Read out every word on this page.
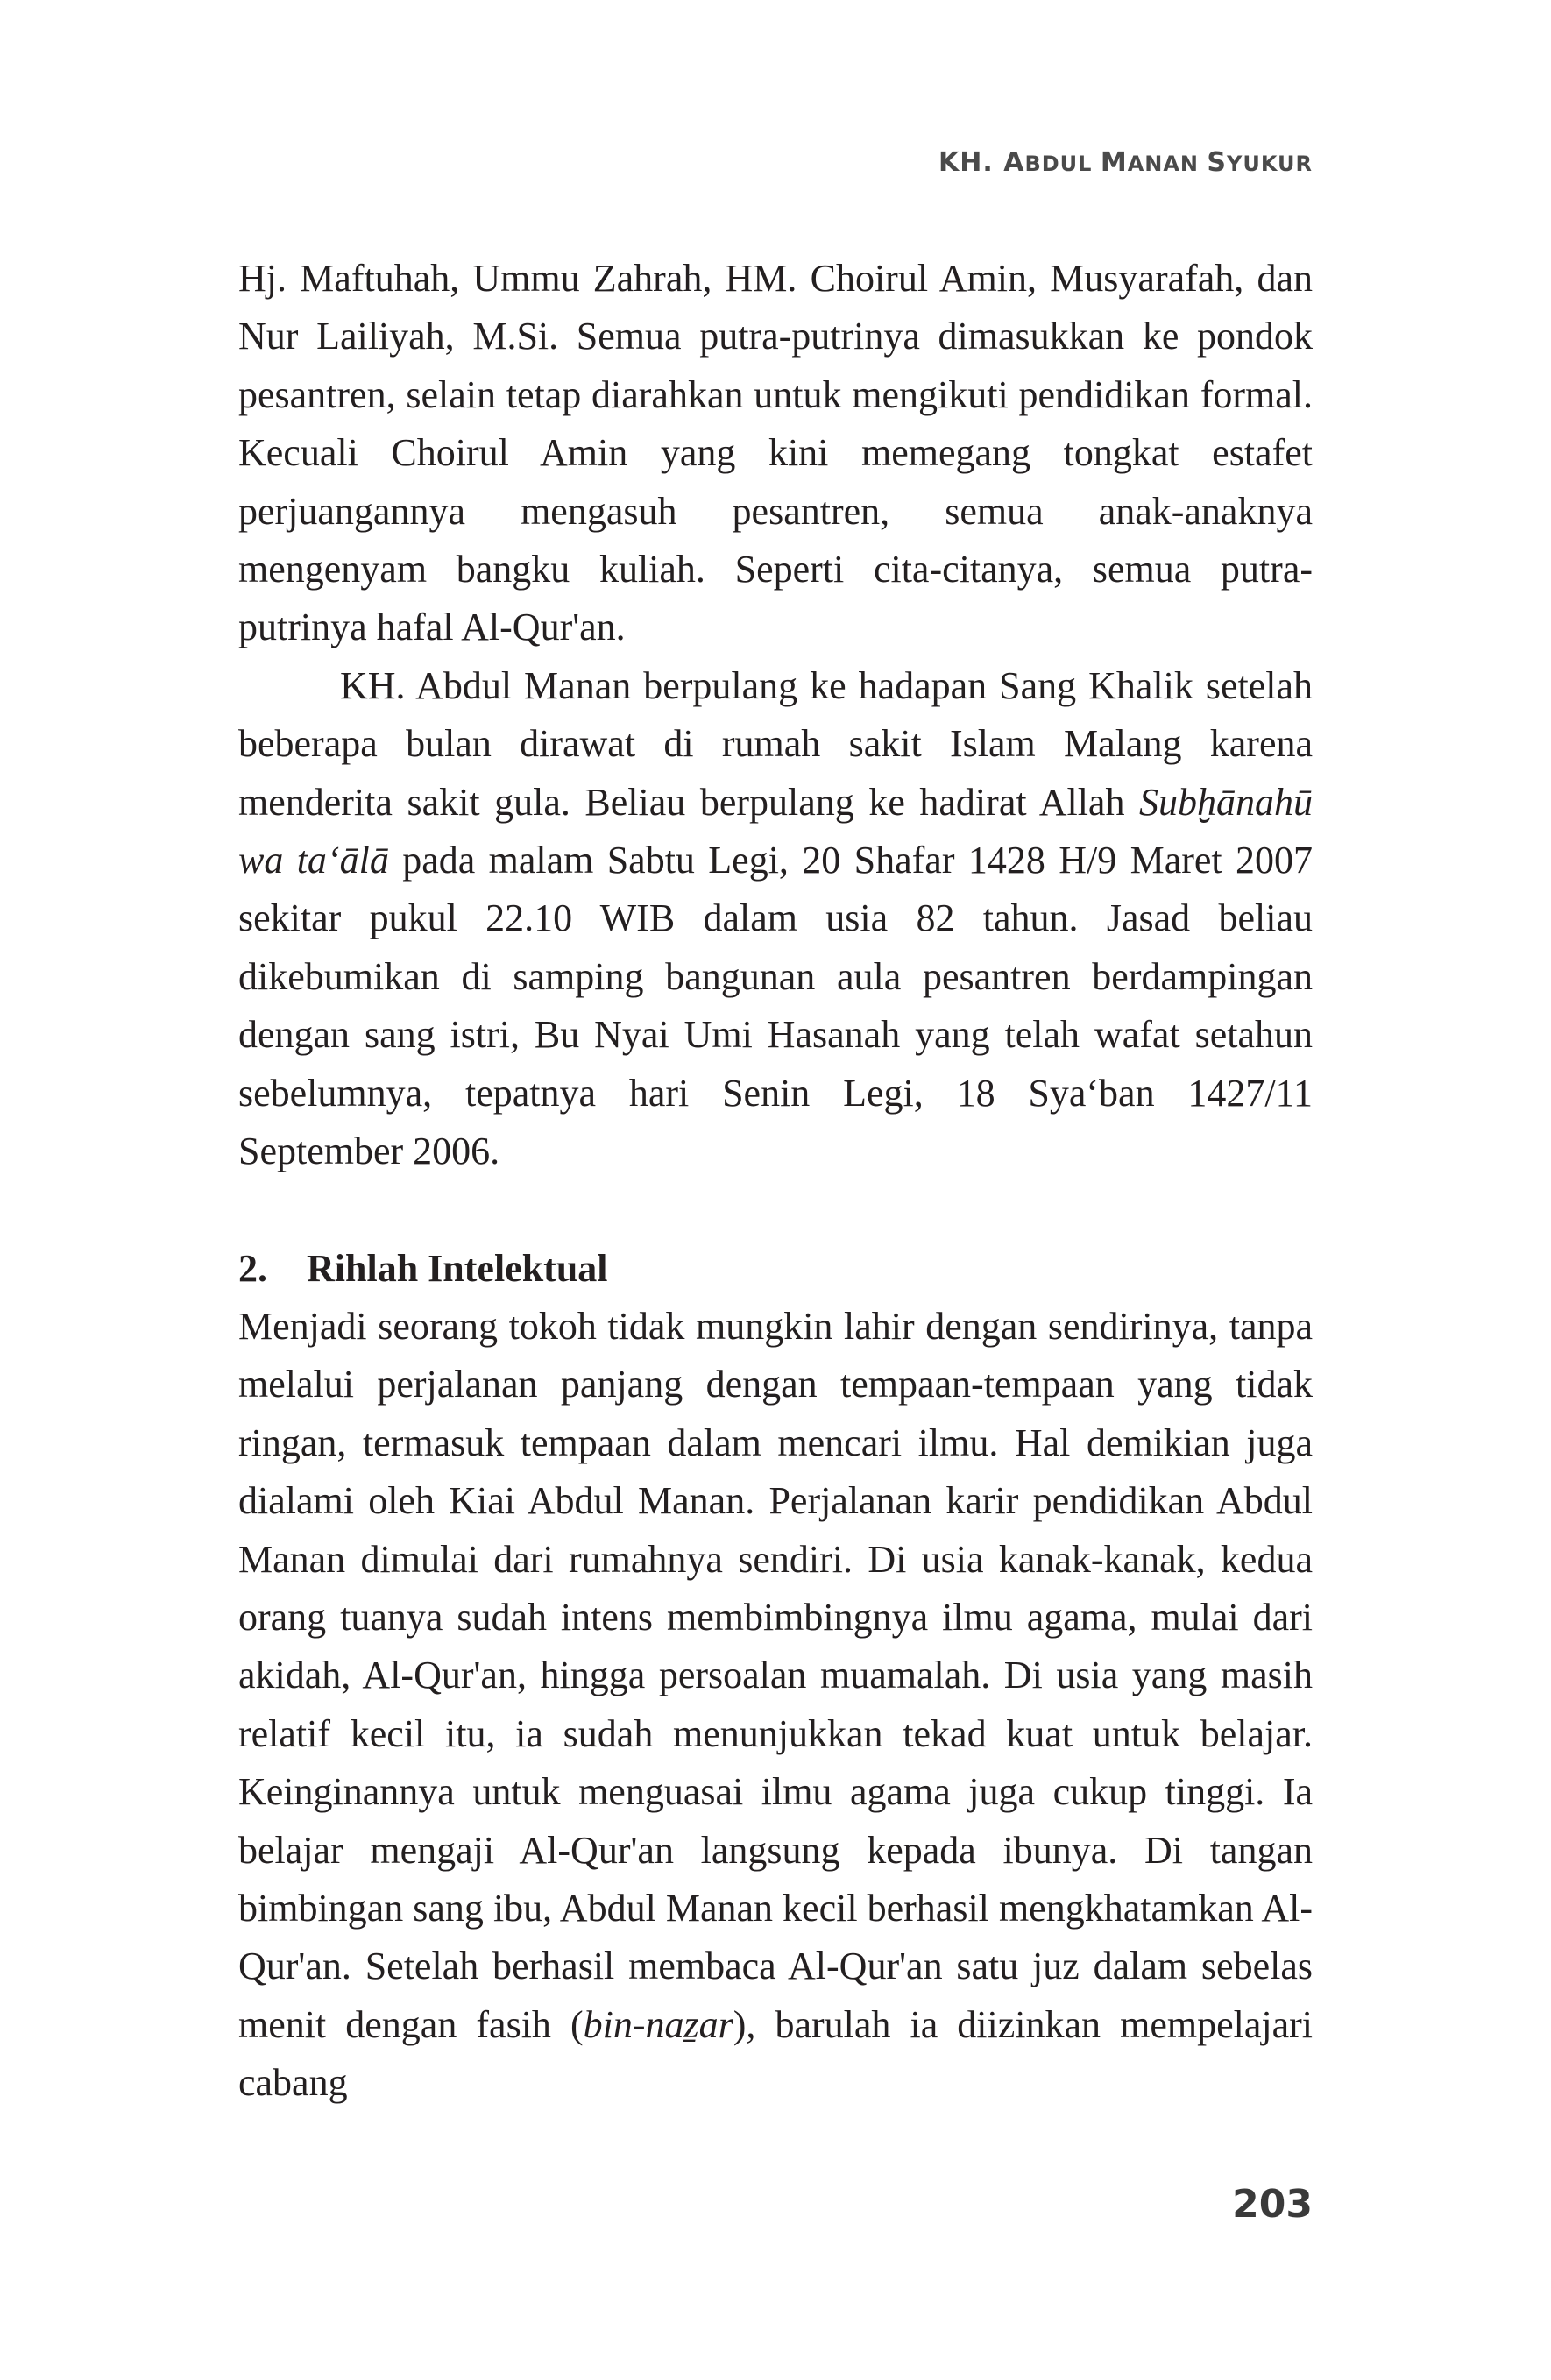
KH. ABDUL MANAN SYUKUR

Hj. Maftuhah, Ummu Zahrah, HM. Choirul Amin, Musyarafah, dan Nur Lailiyah, M.Si. Semua putra-putrinya dimasukkan ke pondok pesantren, selain tetap diarahkan untuk mengikuti pendidikan formal. Kecuali Choirul Amin yang kini memegang tongkat estafet perjuangannya mengasuh pesantren, semua anak-anaknya mengenyam bangku kuliah. Seperti cita-citanya, semua putra-putrinya hafal Al-Qur'an.

KH. Abdul Manan berpulang ke hadapan Sang Khalik setelah beberapa bulan dirawat di rumah sakit Islam Malang karena menderita sakit gula. Beliau berpulang ke hadirat Allah Subḫānahū wa ta‘ālā pada malam Sabtu Legi, 20 Shafar 1428 H/9 Maret 2007 sekitar pukul 22.10 WIB dalam usia 82 tahun. Jasad beliau dikebumikan di samping bangunan aula pesantren berdampingan dengan sang istri, Bu Nyai Umi Hasanah yang telah wafat setahun sebelumnya, tepatnya hari Senin Legi, 18 Sya‘ban 1427/11 September 2006.

2.	Rihlah Intelektual

Menjadi seorang tokoh tidak mungkin lahir dengan sendirinya, tanpa melalui perjalanan panjang dengan tempaan-tempaan yang tidak ringan, termasuk tempaan dalam mencari ilmu. Hal demikian juga dialami oleh Kiai Abdul Manan. Perjalanan karir pendidikan Abdul Manan dimulai dari rumahnya sendiri. Di usia kanak-kanak, kedua orang tuanya sudah intens membimbingnya ilmu agama, mulai dari akidah, Al-Qur'an, hingga persoalan muamalah. Di usia yang masih relatif kecil itu, ia sudah menunjukkan tekad kuat untuk belajar. Keinginannya untuk menguasai ilmu agama juga cukup tinggi. Ia belajar mengaji Al-Qur'an langsung kepada ibunya. Di tangan bimbingan sang ibu, Abdul Manan kecil berhasil mengkhatamkan Al-Qur'an. Setelah berhasil membaca Al-Qur'an satu juz dalam sebelas menit dengan fasih (bin-naẕar), barulah ia diizinkan mempelajari cabang

203
